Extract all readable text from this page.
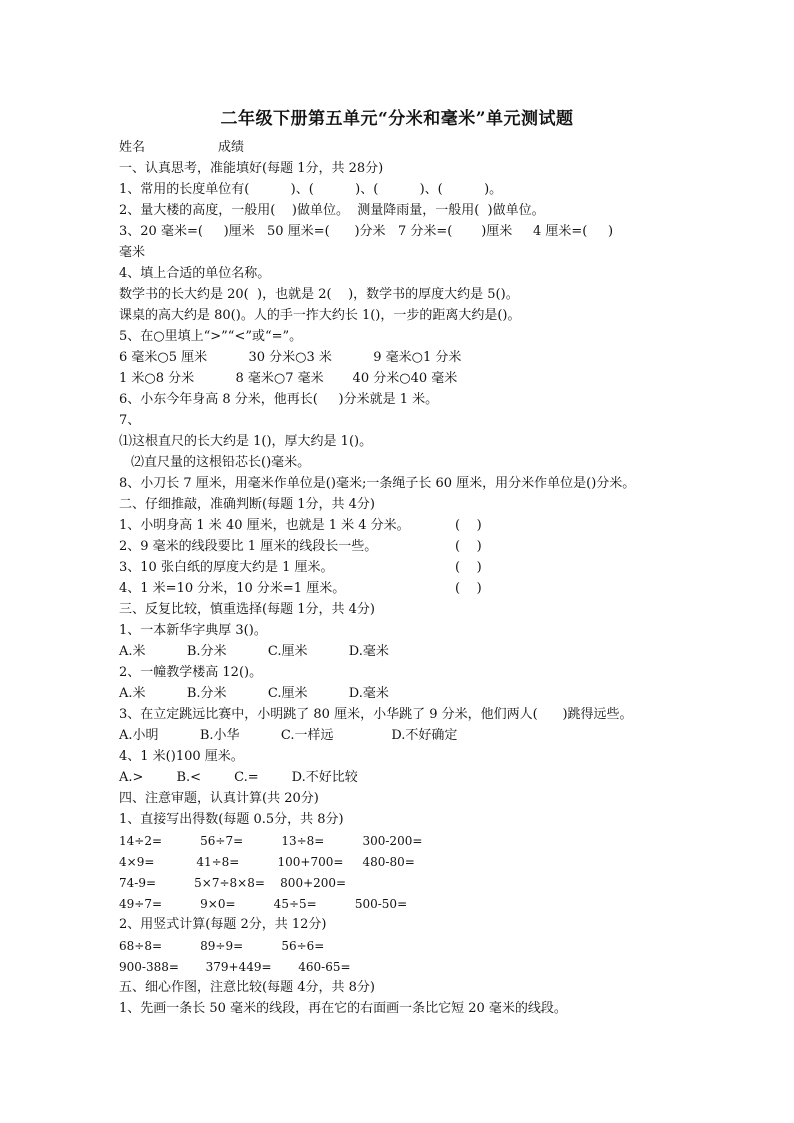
二年级下册第五单元“分米和毫米”单元测试题
姓名	成绩
一、认真思考，准能填好(每题 1分，共 28分)
1、常用的长度单位有(          )、(          )、(          )、(          )。
2、量大楼的高度，一般用(    )做单位。  测量降雨量，一般用(  )做单位。
3、20 毫米=(     )厘米   50 厘米=(      )分米   7 分米=(       )厘米     4 厘米=(     )
毫米
4、填上合适的单位名称。
数学书的长大约是 20(  )，也就是 2(    )，数学书的厚度大约是 5()。
课桌的高大约是 80()。人的手一拃大约长 1()，一步的距离大约是()。
5、在○里填上“>”“<”或“=”。
6 毫米○5 厘米          30 分米○3 米          9 毫米○1 分米
1 米○8 分米          8 毫米○7 毫米       40 分米○40 毫米
6、小东今年身高 8 分米，他再长(     )分米就是 1 米。
7、
⑴这根直尺的长大约是 1()，厚大约是 1()。
⑵直尺量的这根铅芯长()毫米。
8、小刀长 7 厘米，用毫米作单位是()毫米;一条绳子长 60 厘米，用分米作单位是()分米。
二、仔细推敲，准确判断(每题 1分，共 4分)
1、小明身高 1 米 40 厘米，也就是 1 米 4 分米。	(    )
2、9 毫米的线段要比 1 厘米的线段长一些。	(    )
3、10 张白纸的厚度大约是 1 厘米。	(    )
4、1 米=10 分米，10 分米=1 厘米。	(    )
三、反复比较，慎重选择(每题 1分，共 4分)
1、一本新华字典厚 3()。
A.米          B.分米          C.厘米          D.毫米
2、一幢教学楼高 12()。
A.米          B.分米          C.厘米          D.毫米
3、在立定跳远比赛中，小明跳了 80 厘米，小华跳了 9 分米，他们两人(      )跳得远些。
A.小明          B.小华          C.一样远              D.不好确定
4、1 米()100 厘米。
A.>        B.<        C.=        D.不好比较
四、注意审题，认真计算(共 20分)
1、直接写出得数(每题 0.5分，共 8分)
14÷2=          56÷7=          13÷8=          300-200=
4×9=           41÷8=          100+700=     480-80=
74-9=          5×7÷8×8=    800+200=
49÷7=          9×0=          45÷5=          500-50=
2、用竖式计算(每题 2分，共 12分)
68÷8=          89÷9=          56÷6=
900-388=       379+449=       460-65=
五、细心作图，注意比较(每题 4分，共 8分)
1、先画一条长 50 毫米的线段，再在它的右面画一条比它短 20 毫米的线段。
